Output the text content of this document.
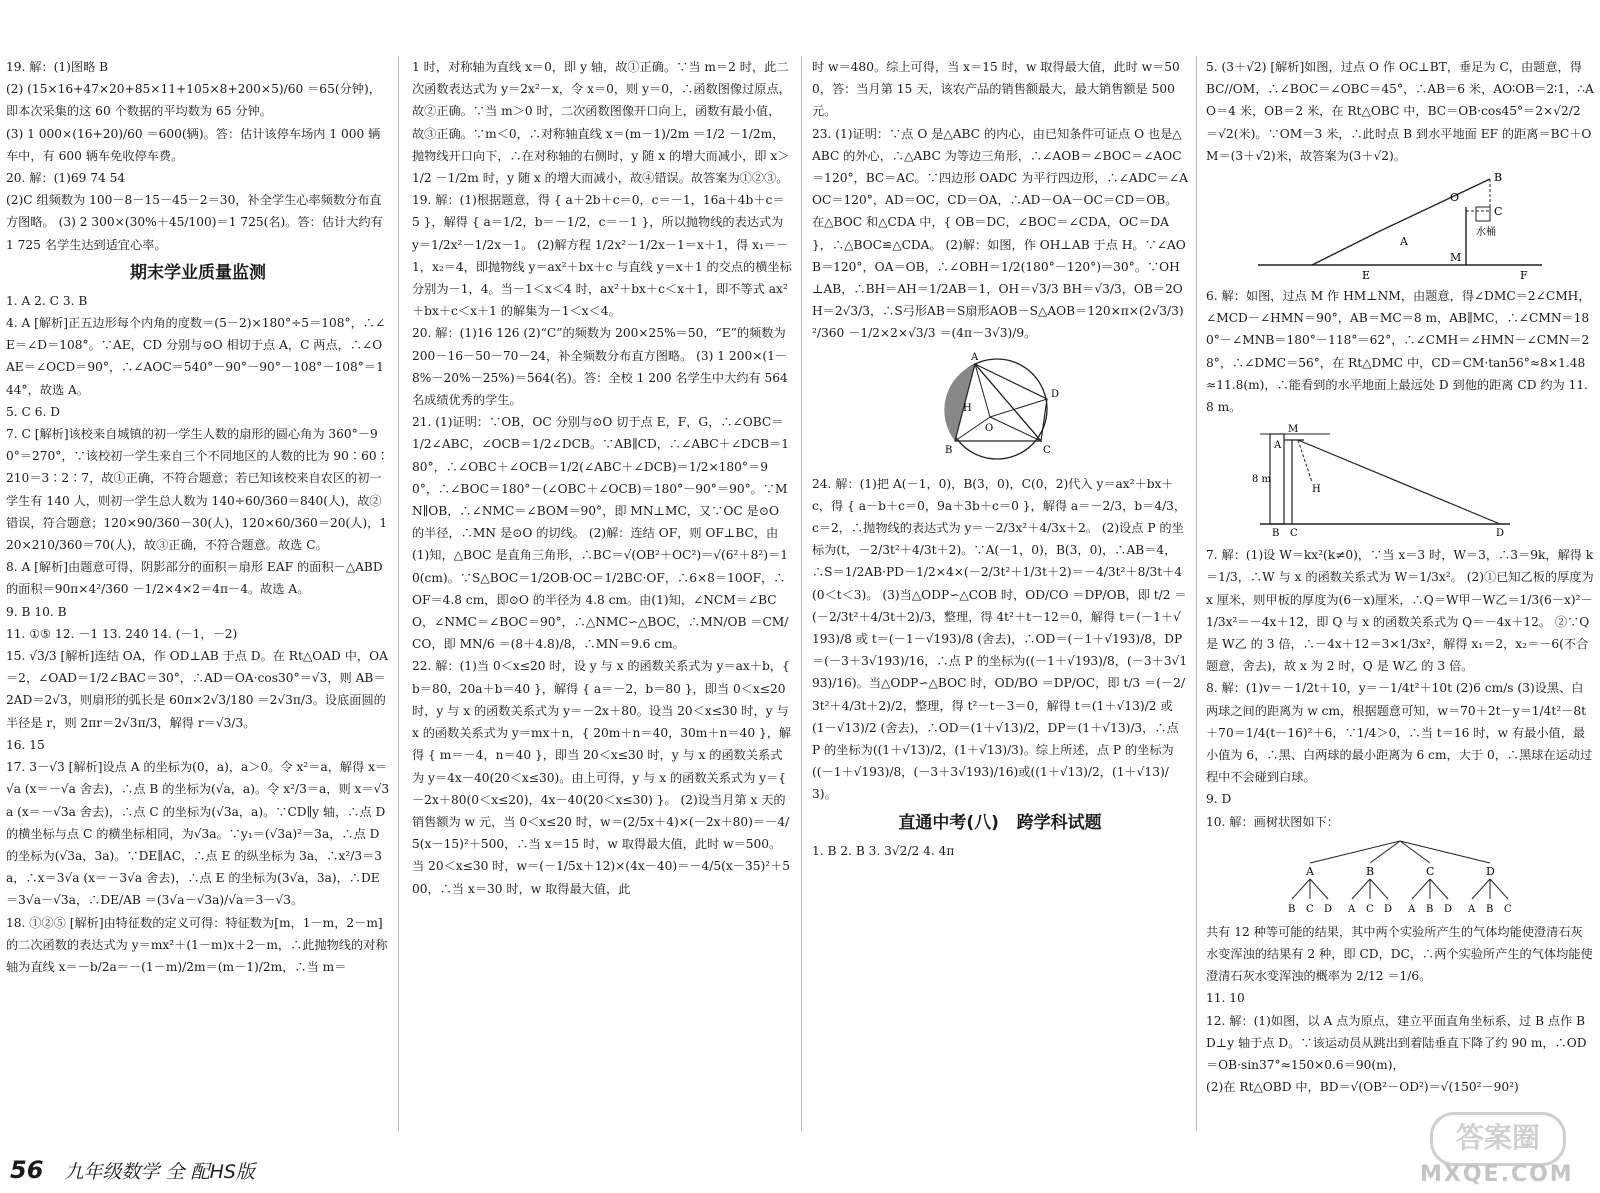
19. 解：(1)图略 B

(2) (15×16+47×20+85×11+105×8+200×5)/60 ＝65(分钟)，

即本次采集的这 60 个数据的平均数为 65 分钟。

(3) 1 000×(16+20)/60 ＝600(辆)。答：估计该停车场内 1 000 辆车中，有 600 辆车免收停车费。

20. 解：(1)69 74 54

(2)C 组频数为 100－8－15－45－2＝30，补全学生心率频数分布直方图略。 (3) 2 300×(30%＋45/100)＝1 725(名)。答：估计大约有 1 725 名学生达到适宜心率。

期末学业质量监测

1. A 2. C 3. B

4. A [解析]正五边形每个内角的度数＝(5－2)×180°÷5＝108°，∴∠E＝∠D＝108°。∵AE，CD 分别与⊙O 相切于点 A，C 两点，∴∠OAE＝∠OCD＝90°，∴∠AOC＝540°－90°－90°－108°－108°＝144°，故选 A。

5. C 6. D

7. C [解析]该校来自城镇的初一学生人数的扇形的圆心角为 360°－90°＝270°，∵该校初一学生来自三个不同地区的人数的比为 90∶60∶210＝3∶2∶7，故①正确，不符合题意；若已知该校来自农区的初一学生有 140 人，则初一学生总人数为 140÷60/360＝840(人)，故②错误，符合题意；120×90/360－30(人)，120×60/360＝20(人)，120×210/360＝70(人)，故③正确，不符合题意。故选 C。

8. A [解析]由题意可得，阴影部分的面积＝扇形 EAF 的面积－△ABD 的面积＝90π×4²/360 －1/2×4×2＝4π－4。故选 A。

9. B 10. B

11. ①⑤ 12. －1 13. 240 14. (－1，－2)

15. √3/3 [解析]连结 OA，作 OD⊥AB 于点 D。在 Rt△OAD 中，OA＝2，∠OAD＝1/2∠BAC＝30°，∴AD＝OA·cos30°＝√3，则 AB＝2AD＝2√3，则扇形的弧长是 60π×2√3/180 ＝2√3π/3。设底面圆的半径是 r，则 2πr＝2√3π/3，解得 r＝√3/3。

16. 15

17. 3－√3 [解析]设点 A 的坐标为(0，a)，a＞0。令 x²＝a，解得 x＝√a (x＝－√a 舍去)，∴点 B 的坐标为(√a，a)。令 x²/3＝a，则 x＝√3a (x＝－√3a 舍去)，∴点 C 的坐标为(√3a，a)。∵CD∥y 轴，∴点 D 的横坐标与点 C 的横坐标相同，为√3a。∵y₁＝(√3a)²＝3a，∴点 D 的坐标为(√3a，3a)。∵DE∥AC，∴点 E 的纵坐标为 3a，∴x²/3＝3a，∴x＝3√a (x＝－3√a 舍去)，∴点 E 的坐标为(3√a，3a)，∴DE＝3√a－√3a，∴DE/AB ＝(3√a－√3a)/√a＝3－√3。

18. ①②⑤ [解析]由特征数的定义可得：特征数为[m，1－m，2－m]的二次函数的表达式为 y＝mx²＋(1－m)x＋2－m，∴此抛物线的对称轴为直线 x＝－b/2a＝－(1－m)/2m＝(m－1)/2m，∴当 m＝

1 时，对称轴为直线 x＝0，即 y 轴，故①正确。∵当 m＝2 时，此二次函数表达式为 y＝2x²－x，令 x＝0，则 y＝0，∴函数图像过原点，故②正确。∵当 m＞0 时，二次函数图像开口向上，函数有最小值，故③正确。∵m＜0，∴对称轴直线 x＝(m－1)/2m ＝1/2 －1/2m，抛物线开口向下，∴在对称轴的右侧时，y 随 x 的增大而减小，即 x＞1/2 －1/2m 时，y 随 x 的增大而减小，故④错误。故答案为①②③。

19. 解：(1)根据题意，得 { a＋2b＋c＝0，c＝－1，16a＋4b＋c＝5 }，解得 { a＝1/2，b＝－1/2，c＝－1 }，所以抛物线的表达式为 y＝1/2x²－1/2x－1。 (2)解方程 1/2x²－1/2x－1＝x＋1，得 x₁＝－1，x₂＝4，即抛物线 y＝ax²＋bx＋c 与直线 y＝x＋1 的交点的横坐标分别为－1，4。当－1＜x＜4 时，ax²＋bx＋c＜x＋1，即不等式 ax²＋bx＋c＜x＋1 的解集为－1＜x＜4。

20. 解：(1)16 126 (2)“C”的频数为 200×25%＝50，“E”的频数为 200－16－50－70－24，补全频数分布直方图略。 (3) 1 200×(1－8%－20%－25%)＝564(名)。答：全校 1 200 名学生中大约有 564 名成绩优秀的学生。

21. (1)证明：∵OB，OC 分别与⊙O 切于点 E，F，G，∴∠OBC＝1/2∠ABC，∠OCB＝1/2∠DCB。∵AB∥CD，∴∠ABC＋∠DCB＝180°，∴∠OBC＋∠OCB＝1/2(∠ABC＋∠DCB)＝1/2×180°＝90°，∴∠BOC＝180°－(∠OBC＋∠OCB)＝180°－90°＝90°。∵MN∥OB，∴∠NMC＝∠BOM＝90°，即 MN⊥MC，又∵OC 是⊙O 的半径，∴MN 是⊙O 的切线。 (2)解：连结 OF，则 OF⊥BC，由(1)知，△BOC 是直角三角形，∴BC＝√(OB²＋OC²)＝√(6²＋8²)＝10(cm)。∵S△BOC＝1/2OB·OC＝1/2BC·OF，∴6×8＝10OF，∴OF＝4.8 cm，即⊙O 的半径为 4.8 cm。由(1)知，∠NCM＝∠BCO，∠NMC＝∠BOC＝90°，∴△NMC∽△BOC，∴MN/OB ＝CM/CO，即 MN/6 ＝(8＋4.8)/8，∴MN＝9.6 cm。

22. 解：(1)当 0＜x≤20 时，设 y 与 x 的函数关系式为 y＝ax＋b，{ b＝80，20a＋b＝40 }，解得 { a＝－2，b＝80 }，即当 0＜x≤20 时，y 与 x 的函数关系式为 y＝－2x＋80。设当 20＜x≤30 时，y 与 x 的函数关系式为 y＝mx＋n，{ 20m＋n＝40，30m＋n＝40 }，解得 { m＝－4，n＝40 }，即当 20＜x≤30 时，y 与 x 的函数关系式为 y＝4x－40(20＜x≤30)。由上可得，y 与 x 的函数关系式为 y＝{ －2x＋80(0＜x≤20)，4x－40(20＜x≤30) }。 (2)设当月第 x 天的销售额为 w 元，当 0＜x≤20 时，w＝(2/5x＋4)×(－2x＋80)＝－4/5(x－15)²＋500，∴当 x＝15 时，w 取得最大值，此时 w＝500。当 20＜x≤30 时，w＝(－1/5x＋12)×(4x－40)＝－4/5(x－35)²＋500，∴当 x＝30 时，w 取得最大值，此

时 w＝480。综上可得，当 x＝15 时，w 取得最大值，此时 w＝500，答：当月第 15 天，该农产品的销售额最大，最大销售额是 500 元。

23. (1)证明：∵点 O 是△ABC 的内心，由已知条件可证点 O 也是△ABC 的外心，∴△ABC 为等边三角形，∴∠AOB＝∠BOC＝∠AOC＝120°，BC＝AC。∵四边形 OADC 为平行四边形，∴∠ADC＝∠AOC＝120°，AD＝OC，CD＝OA，∴AD－OA－OC＝CD＝OB。在△BOC 和△CDA 中，{ OB＝DC，∠BOC＝∠CDA，OC＝DA }，∴△BOC≌△CDA。 (2)解：如图，作 OH⊥AB 于点 H。∵∠AOB＝120°，OA＝OB，∴∠OBH＝1/2(180°－120°)＝30°。∵OH⊥AB，∴BH＝AH＝1/2AB＝1，OH＝√3/3 BH＝√3/3，OB＝2OH＝2√3/3，∴S弓形AB＝S扇形AOB－S△AOB＝120×π×(2√3/3)²/360 －1/2×2×√3/3 ＝(4π－3√3)/9。

A
B	C
D
O
H

24. 解：(1)把 A(－1，0)，B(3，0)，C(0，2)代入 y＝ax²＋bx＋c，得 { a－b＋c＝0，9a＋3b＋c＝0 }，解得 a＝－2/3，b＝4/3，c＝2，∴抛物线的表达式为 y＝－2/3x²＋4/3x＋2。 (2)设点 P 的坐标为(t，－2/3t²＋4/3t＋2)。∵A(－1，0)，B(3，0)，∴AB＝4，∴S＝1/2AB·PD－1/2×4×(－2/3t²＋1/3t＋2)＝－4/3t²＋8/3t＋4(0＜t＜3)。 (3)当△ODP∽△COB 时，OD/CO ＝DP/OB，即 t/2 ＝(－2/3t²＋4/3t＋2)/3，整理，得 4t²＋t－12＝0，解得 t＝(－1＋√193)/8 或 t＝(－1－√193)/8 (舍去)，∴OD＝(－1＋√193)/8，DP＝(－3＋3√193)/16，∴点 P 的坐标为((－1＋√193)/8，(－3＋3√193)/16)。当△ODP∽△BOC 时，OD/BO ＝DP/OC，即 t/3 ＝(－2/3t²＋4/3t＋2)/2，整理，得 t²－t－3＝0，解得 t＝(1＋√13)/2 或 (1－√13)/2 (舍去)，∴OD＝(1＋√13)/2，DP＝(1＋√13)/3，∴点 P 的坐标为((1＋√13)/2，(1＋√13)/3)。综上所述，点 P 的坐标为((－1＋√193)/8，(－3＋3√193)/16)或((1＋√13)/2，(1＋√13)/3)。

直通中考(八) 跨学科试题

1. B 2. B 3. 3√2/2 4. 4π

5. (3＋√2) [解析]如图，过点 O 作 OC⊥BT，垂足为 C，由题意，得 BC//OM，∴∠BOC＝∠OBC＝45°，∴AB＝6 米，AO∶OB＝2∶1，∴AO＝4 米，OB＝2 米，在 Rt△OBC 中，BC＝OB·cos45°＝2×√2/2 ＝√2(米)。∵OM＝3 米，∴此时点 B 到水平地面 EF 的距离＝BC＋OM＝(3＋√2)米，故答案为(3＋√2)。

O
B
C
水桶
A
M
E	F

6. 解：如图，过点 M 作 HM⊥NM，由题意，得∠DMC＝2∠CMH，∠MCD－∠HMN＝90°，AB＝MC＝8 m，AB∥MC，∴∠CMN＝180°－∠MNB＝180°－118°＝62°，∴∠CMH＝∠HMN－∠CMN＝28°，∴∠DMC＝56°，在 Rt△DMC 中，CD＝CM·tan56°≈8×1.48≈11.8(m)，∴能看到的水平地面上最远处 D 到他的距离 CD 约为 11.8 m。

M
A
H
8 m
B C	D

7. 解：(1)设 W＝kx²(k≠0)，∵当 x＝3 时，W＝3，∴3＝9k，解得 k＝1/3，∴W 与 x 的函数关系式为 W＝1/3x²。 (2)①已知乙板的厚度为 x 厘米，则甲板的厚度为(6－x)厘米，∴Q＝W甲－W乙＝1/3(6－x)²－1/3x²＝－4x＋12，即 Q 与 x 的函数关系式为 Q＝－4x＋12。 ②∵Q 是 W乙 的 3 倍，∴－4x＋12＝3×1/3x²，解得 x₁＝2，x₂＝－6(不合题意，舍去)，故 x 为 2 时，Q 是 W乙 的 3 倍。

8. 解：(1)v＝－1/2t＋10，y＝－1/4t²＋10t (2)6 cm/s (3)设黑、白两球之间的距离为 w cm，根据题意可知，w＝70＋2t－y＝1/4t²－8t＋70＝1/4(t－16)²＋6，∵1/4＞0，∴当 t＝16 时，w 有最小值，最小值为 6，∴黑、白两球的最小距离为 6 cm，大于 0，∴黑球在运动过程中不会碰到白球。

9. D

10. 解：画树状图如下：

A	B	C	D
B C D A C D A B D A B C

共有 12 种等可能的结果，其中两个实验所产生的气体均能使澄清石灰水变浑浊的结果有 2 种，即 CD，DC，∴两个实验所产生的气体均能使澄清石灰水变浑浊的概率为 2/12 ＝1/6。

11. 10

12. 解：(1)如图，以 A 点为原点，建立平面直角坐标系，过 B 点作 BD⊥y 轴于点 D。∵该运动员从跳出到着陆垂直下降了约 90 m，∴OD＝OB·sin37°≈150×0.6＝90(m)，

(2)在 Rt△OBD 中，BD＝√(OB²－OD²)＝√(150²－90²)

56 九年级数学 全 配HS版
答案圈
MXQE.COM
